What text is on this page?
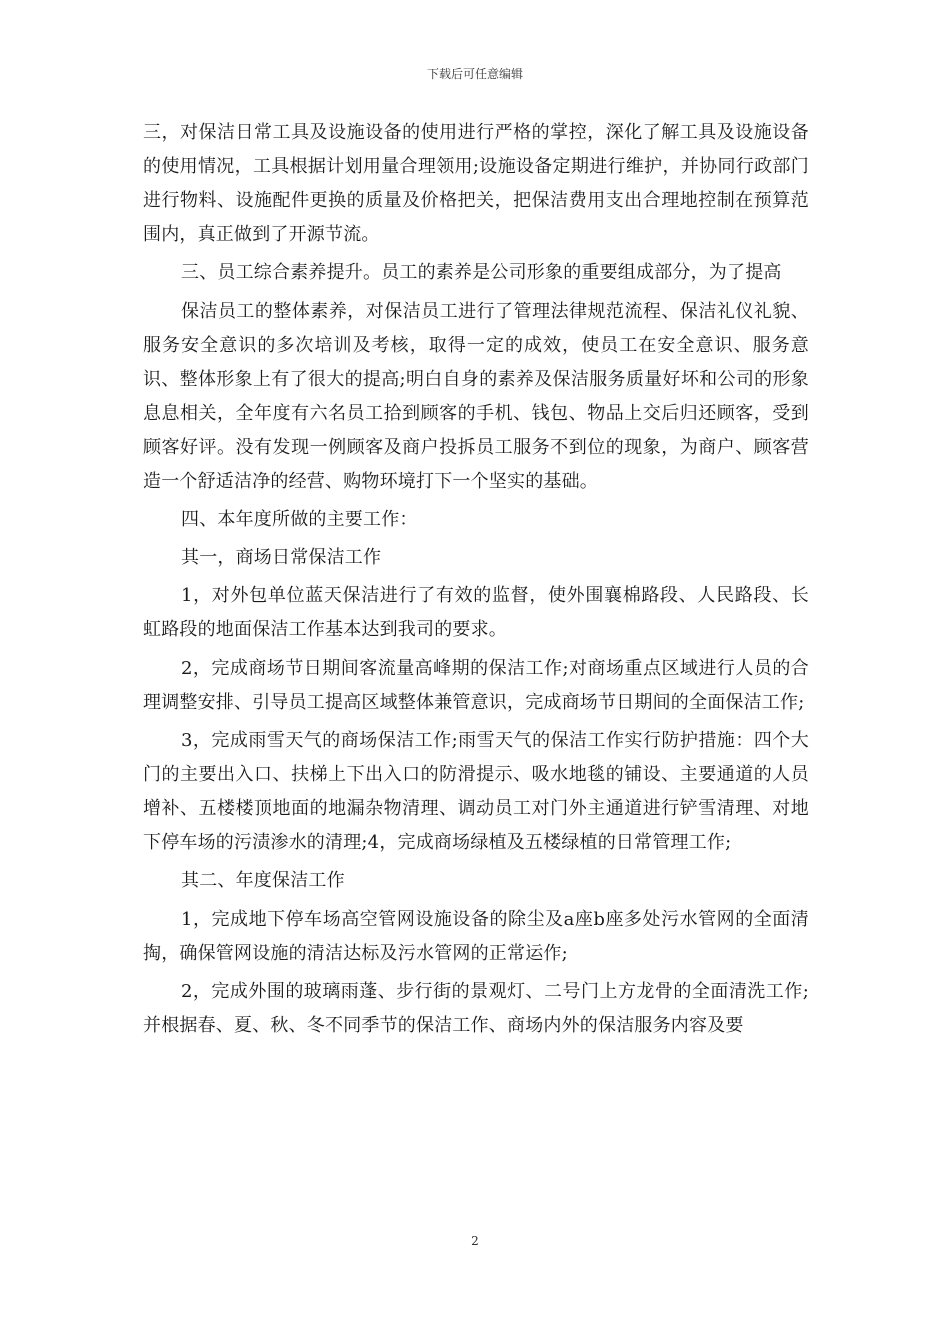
下载后可任意编辑

三，对保洁日常工具及设施设备的使用进行严格的掌控，深化了解工具及设施设备的使用情况，工具根据计划用量合理领用;设施设备定期进行维护，并协同行政部门进行物料、设施配件更换的质量及价格把关，把保洁费用支出合理地控制在预算范围内，真正做到了开源节流。

三、员工综合素养提升。员工的素养是公司形象的重要组成部分，为了提高

保洁员工的整体素养，对保洁员工进行了管理法律规范流程、保洁礼仪礼貌、服务安全意识的多次培训及考核，取得一定的成效，使员工在安全意识、服务意识、整体形象上有了很大的提高;明白自身的素养及保洁服务质量好坏和公司的形象息息相关，全年度有六名员工拾到顾客的手机、钱包、物品上交后归还顾客，受到顾客好评。没有发现一例顾客及商户投拆员工服务不到位的现象，为商户、顾客营造一个舒适洁净的经营、购物环境打下一个坚实的基础。

四、本年度所做的主要工作：

其一，商场日常保洁工作

1，对外包单位蓝天保洁进行了有效的监督，使外围襄棉路段、人民路段、长虹路段的地面保洁工作基本达到我司的要求。

2，完成商场节日期间客流量高峰期的保洁工作;对商场重点区域进行人员的合理调整安排、引导员工提高区域整体兼管意识，完成商场节日期间的全面保洁工作;

3，完成雨雪天气的商场保洁工作;雨雪天气的保洁工作实行防护措施：四个大门的主要出入口、扶梯上下出入口的防滑提示、吸水地毯的铺设、主要通道的人员增补、五楼楼顶地面的地漏杂物清理、调动员工对门外主通道进行铲雪清理、对地下停车场的污渍渗水的清理;4，完成商场绿植及五楼绿植的日常管理工作;

其二、年度保洁工作

1，完成地下停车场高空管网设施设备的除尘及a座b座多处污水管网的全面清掏，确保管网设施的清洁达标及污水管网的正常运作;

2，完成外围的玻璃雨蓬、步行街的景观灯、二号门上方龙骨的全面清洗工作;并根据春、夏、秋、冬不同季节的保洁工作、商场内外的保洁服务内容及要

2
